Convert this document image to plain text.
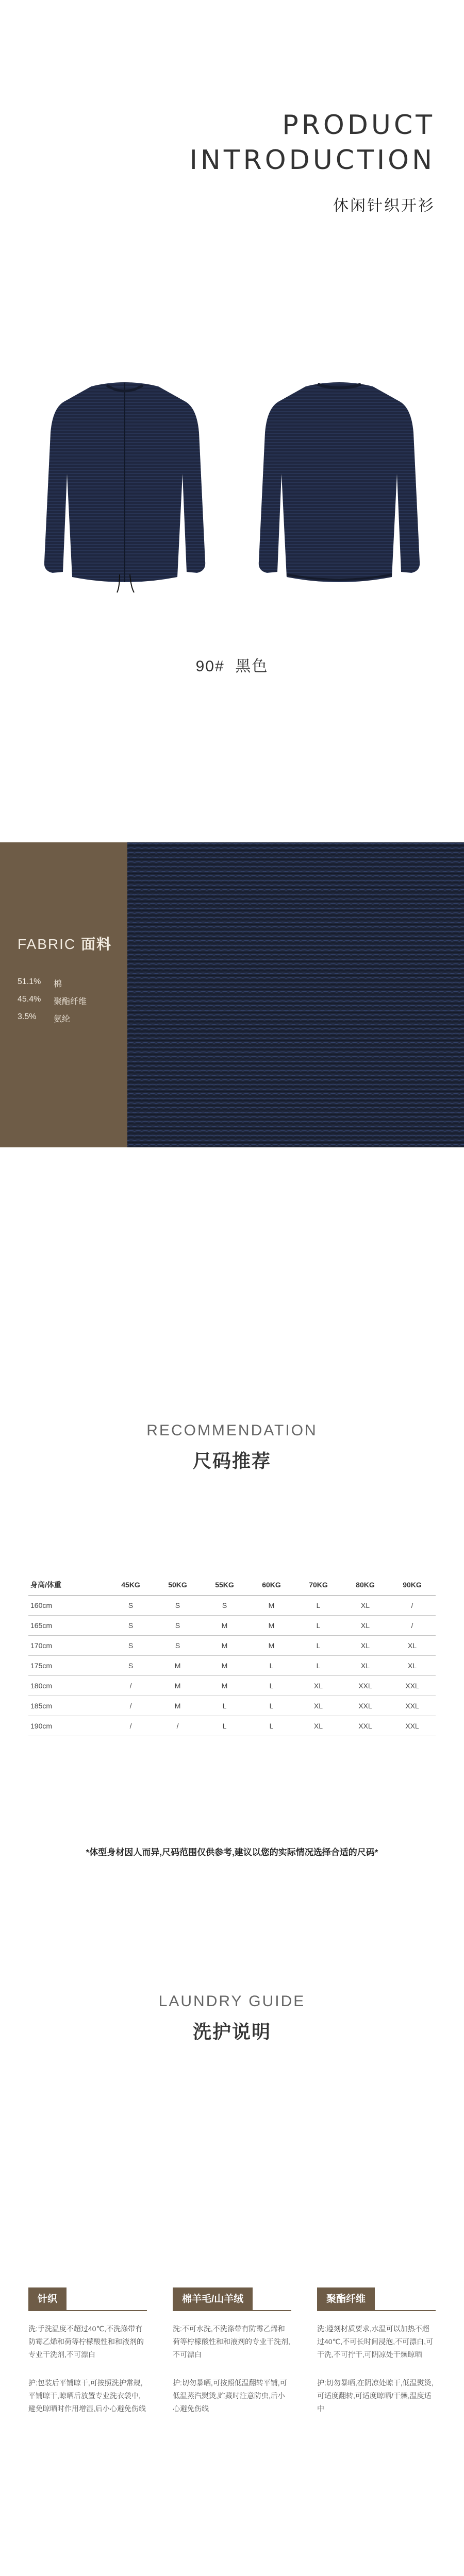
PRODUCT
INTRODUCTION
休闲针织开衫
90# 黑色
FABRIC 面料
51.1% 棉
45.4% 聚酯纤维
3.5%	氨纶
RECOMMENDATION
尺码推荐
身高/体重	45KG	50KG	55KG	60KG	70KG	80KG	90KG
160cm	S	S	S	M	L	XL	/
165cm	S	S	M	M	L	XL	/
170cm	S	S	M	M	L	XL	XL
175cm	S	M	M	L	L	XL	XL
180cm	/	M	M	L	XL	XXL	XXL
185cm	/	M	L	L	XL	XXL	XXL
190cm	/	/	L	L	XL	XXL	XXL
*体型身材因人而异,尺码范围仅供参考,建议以您的实际情况选择合适的尺码*
LAUNDRY GUIDE
洗护说明
针织
洗:手洗温度不超过40℃,不洗涤带有防霉乙烯和荷等柠檬酸性和和液剂的专业干洗剂,不可漂白
护:包装后平铺晾干,可按照洗护常规,平铺晾干,晾晒后放置专业洗衣袋中,避免晾晒时作用增湿,后小心避免伤线
棉羊毛/山羊绒
洗:不可水洗,不洗涤带有防霉乙烯和荷等柠檬酸性和和液剂的专业干洗剂,不可漂白
护:切勿暴晒,可按照低温翻转平铺,可低温蒸汽熨烫,贮藏时注意防虫,后小心避免伤线
聚酯纤维
洗:遵刻材质要求,水温可以加热不超过40℃,不可长时间浸泡,不可漂白,可干洗,不可拧干,可阴凉处干燥晾晒
护:切勿暴晒,在阴凉处晾干,低温熨烫,可适度翻转,可适度晾晒/干燥,温度适中
